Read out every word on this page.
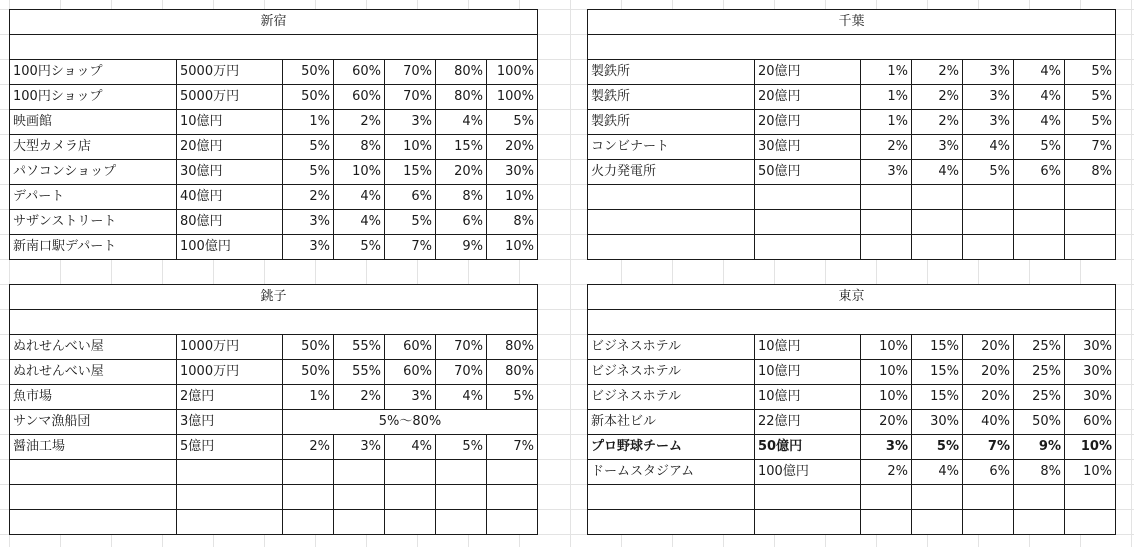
新宿						

100円ショップ	5000万円	50%	60%	70%	80%	100%
100円ショップ	5000万円	50%	60%	70%	80%	100%
映画館	10億円	1%	2%	3%	4%	5%
大型カメラ店	20億円	5%	8%	10%	15%	20%
パソコンショップ	30億円	5%	10%	15%	20%	30%
デパート	40億円	2%	4%	6%	8%	10%
サザンストリート	80億円	3%	4%	5%	6%	8%
新南口駅デパート	100億円	3%	5%	7%	9%	10%
千葉						

製鉄所	20億円	1%	2%	3%	4%	5%
製鉄所	20億円	1%	2%	3%	4%	5%
製鉄所	20億円	1%	2%	3%	4%	5%
コンビナート	30億円	2%	3%	4%	5%	7%
火力発電所	50億円	3%	4%	5%	6%	8%

銚子						

ぬれせんべい屋	1000万円	50%	55%	60%	70%	80%
ぬれせんべい屋	1000万円	50%	55%	60%	70%	80%
魚市場	2億円	1%	2%	3%	4%	5%
サンマ漁船団	3億円	5%～80%				
醤油工場	5億円	2%	3%	4%	5%	7%

東京						

ビジネスホテル	10億円	10%	15%	20%	25%	30%
ビジネスホテル	10億円	10%	15%	20%	25%	30%
ビジネスホテル	10億円	10%	15%	20%	25%	30%
新本社ビル	22億円	20%	30%	40%	50%	60%
プロ野球チーム	50億円	3%	5%	7%	9%	10%
ドームスタジアム	100億円	2%	4%	6%	8%	10%
